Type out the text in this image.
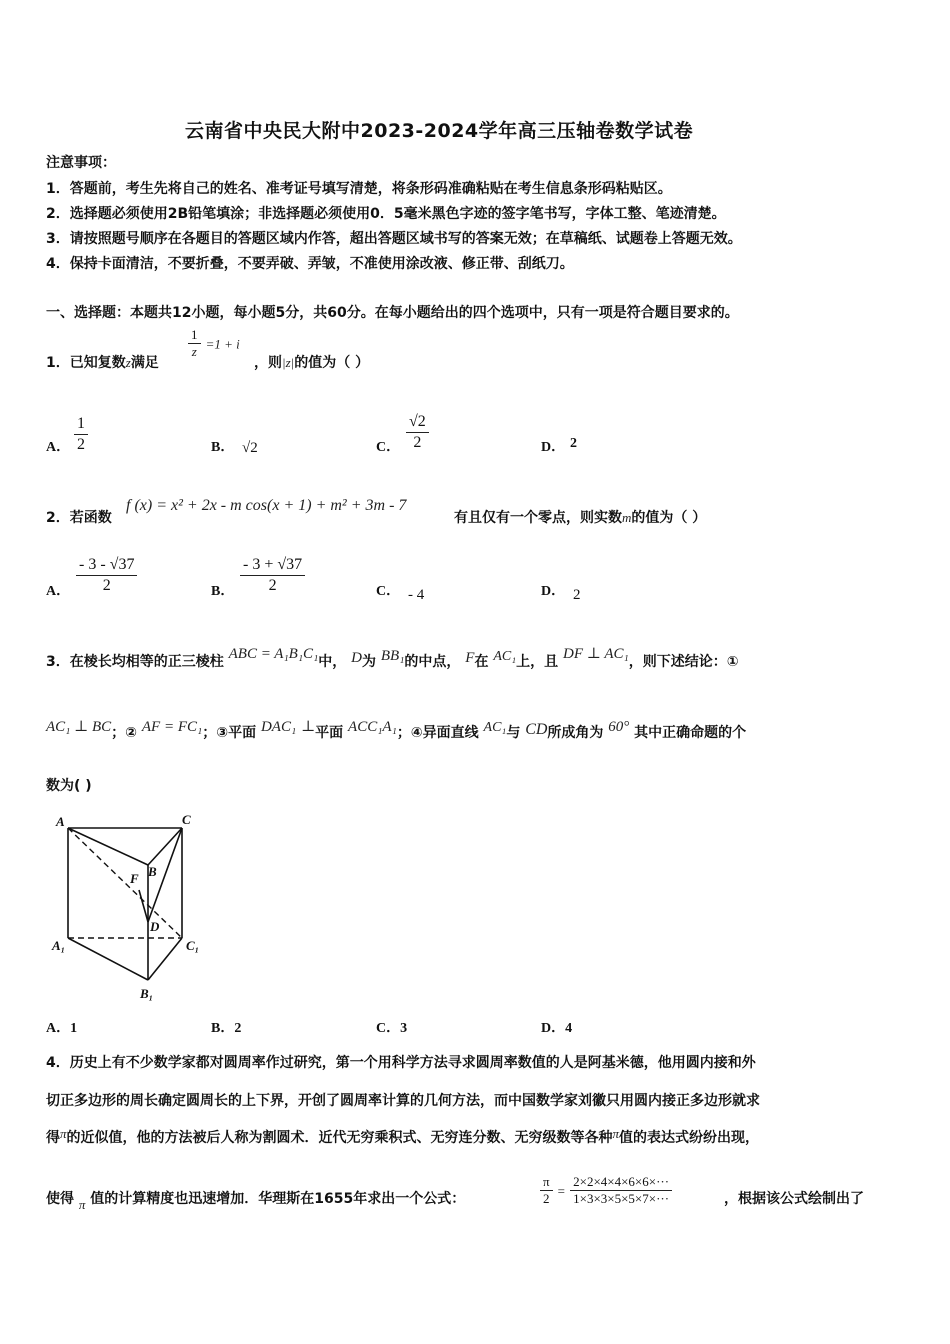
云南省中央民大附中2023-2024学年高三压轴卷数学试卷
注意事项：
1．答题前，考生先将自己的姓名、准考证号填写清楚，将条形码准确粘贴在考生信息条形码粘贴区。
2．选择题必须使用2B铅笔填涂；非选择题必须使用0．5毫米黑色字迹的签字笔书写，字体工整、笔迹清楚。
3．请按照题号顺序在各题目的答题区域内作答，超出答题区域书写的答案无效；在草稿纸、试题卷上答题无效。
4．保持卡面清洁，不要折叠，不要弄破、弄皱，不准使用涂改液、修正带、刮纸刀。
一、选择题：本题共12小题，每小题5分，共60分。在每小题给出的四个选项中，只有一项是符合题目要求的。
1．已知复数z满足
$\frac{1}{z} =1 + i$
，则|z|的值为（ ）
A． $\frac{1}{2}$	B． √2	C． $\frac{√2}{2}$	D． 2
2．若函数
f (x) = x² + 2x - m cos(x + 1) + m² + 3m - 7
有且仅有一个零点，则实数m的值为（ ）
A． $\frac{- 3 - √37}{2}$	B． $\frac{- 3 + √37}{2}$	C． - 4	D． 2
3．在棱长均相等的正三棱柱 ABC = A₁B₁C₁中， D为 BB₁的中点， F在 AC₁上，且 DF ⊥ AC₁，则下述结论：①
AC₁ ⊥ BC；② AF = FC₁；③平面 DAC₁ ⊥平面 ACC₁A₁；④异面直线 AC₁与 CD所成角为 60° 其中正确命题的个
数为( )
A	C
B
F
D
A₁	C₁
B₁
A．1	B．2	C．3	D．4
4．历史上有不少数学家都对圆周率作过研究，第一个用科学方法寻求圆周率数值的人是阿基米德，他用圆内接和外
切正多边形的周长确定圆周长的上下界，开创了圆周率计算的几何方法，而中国数学家刘徽只用圆内接正多边形就求
得π的近似值，他的方法被后人称为割圆术．近代无穷乘积式、无穷连分数、无穷级数等各种π值的表达式纷纷出现，
使得 π 值的计算精度也迅速增加．华理斯在1655年求出一个公式：	$\frac{\pi}{2} = \frac{2\times 2\times 4\times 4\times 6\times 6\times\cdot\cdot\cdot}{1\times 3\times 3\times 5\times 5\times 7\times\cdot\cdot\cdot}$	，根据该公式绘制出了
